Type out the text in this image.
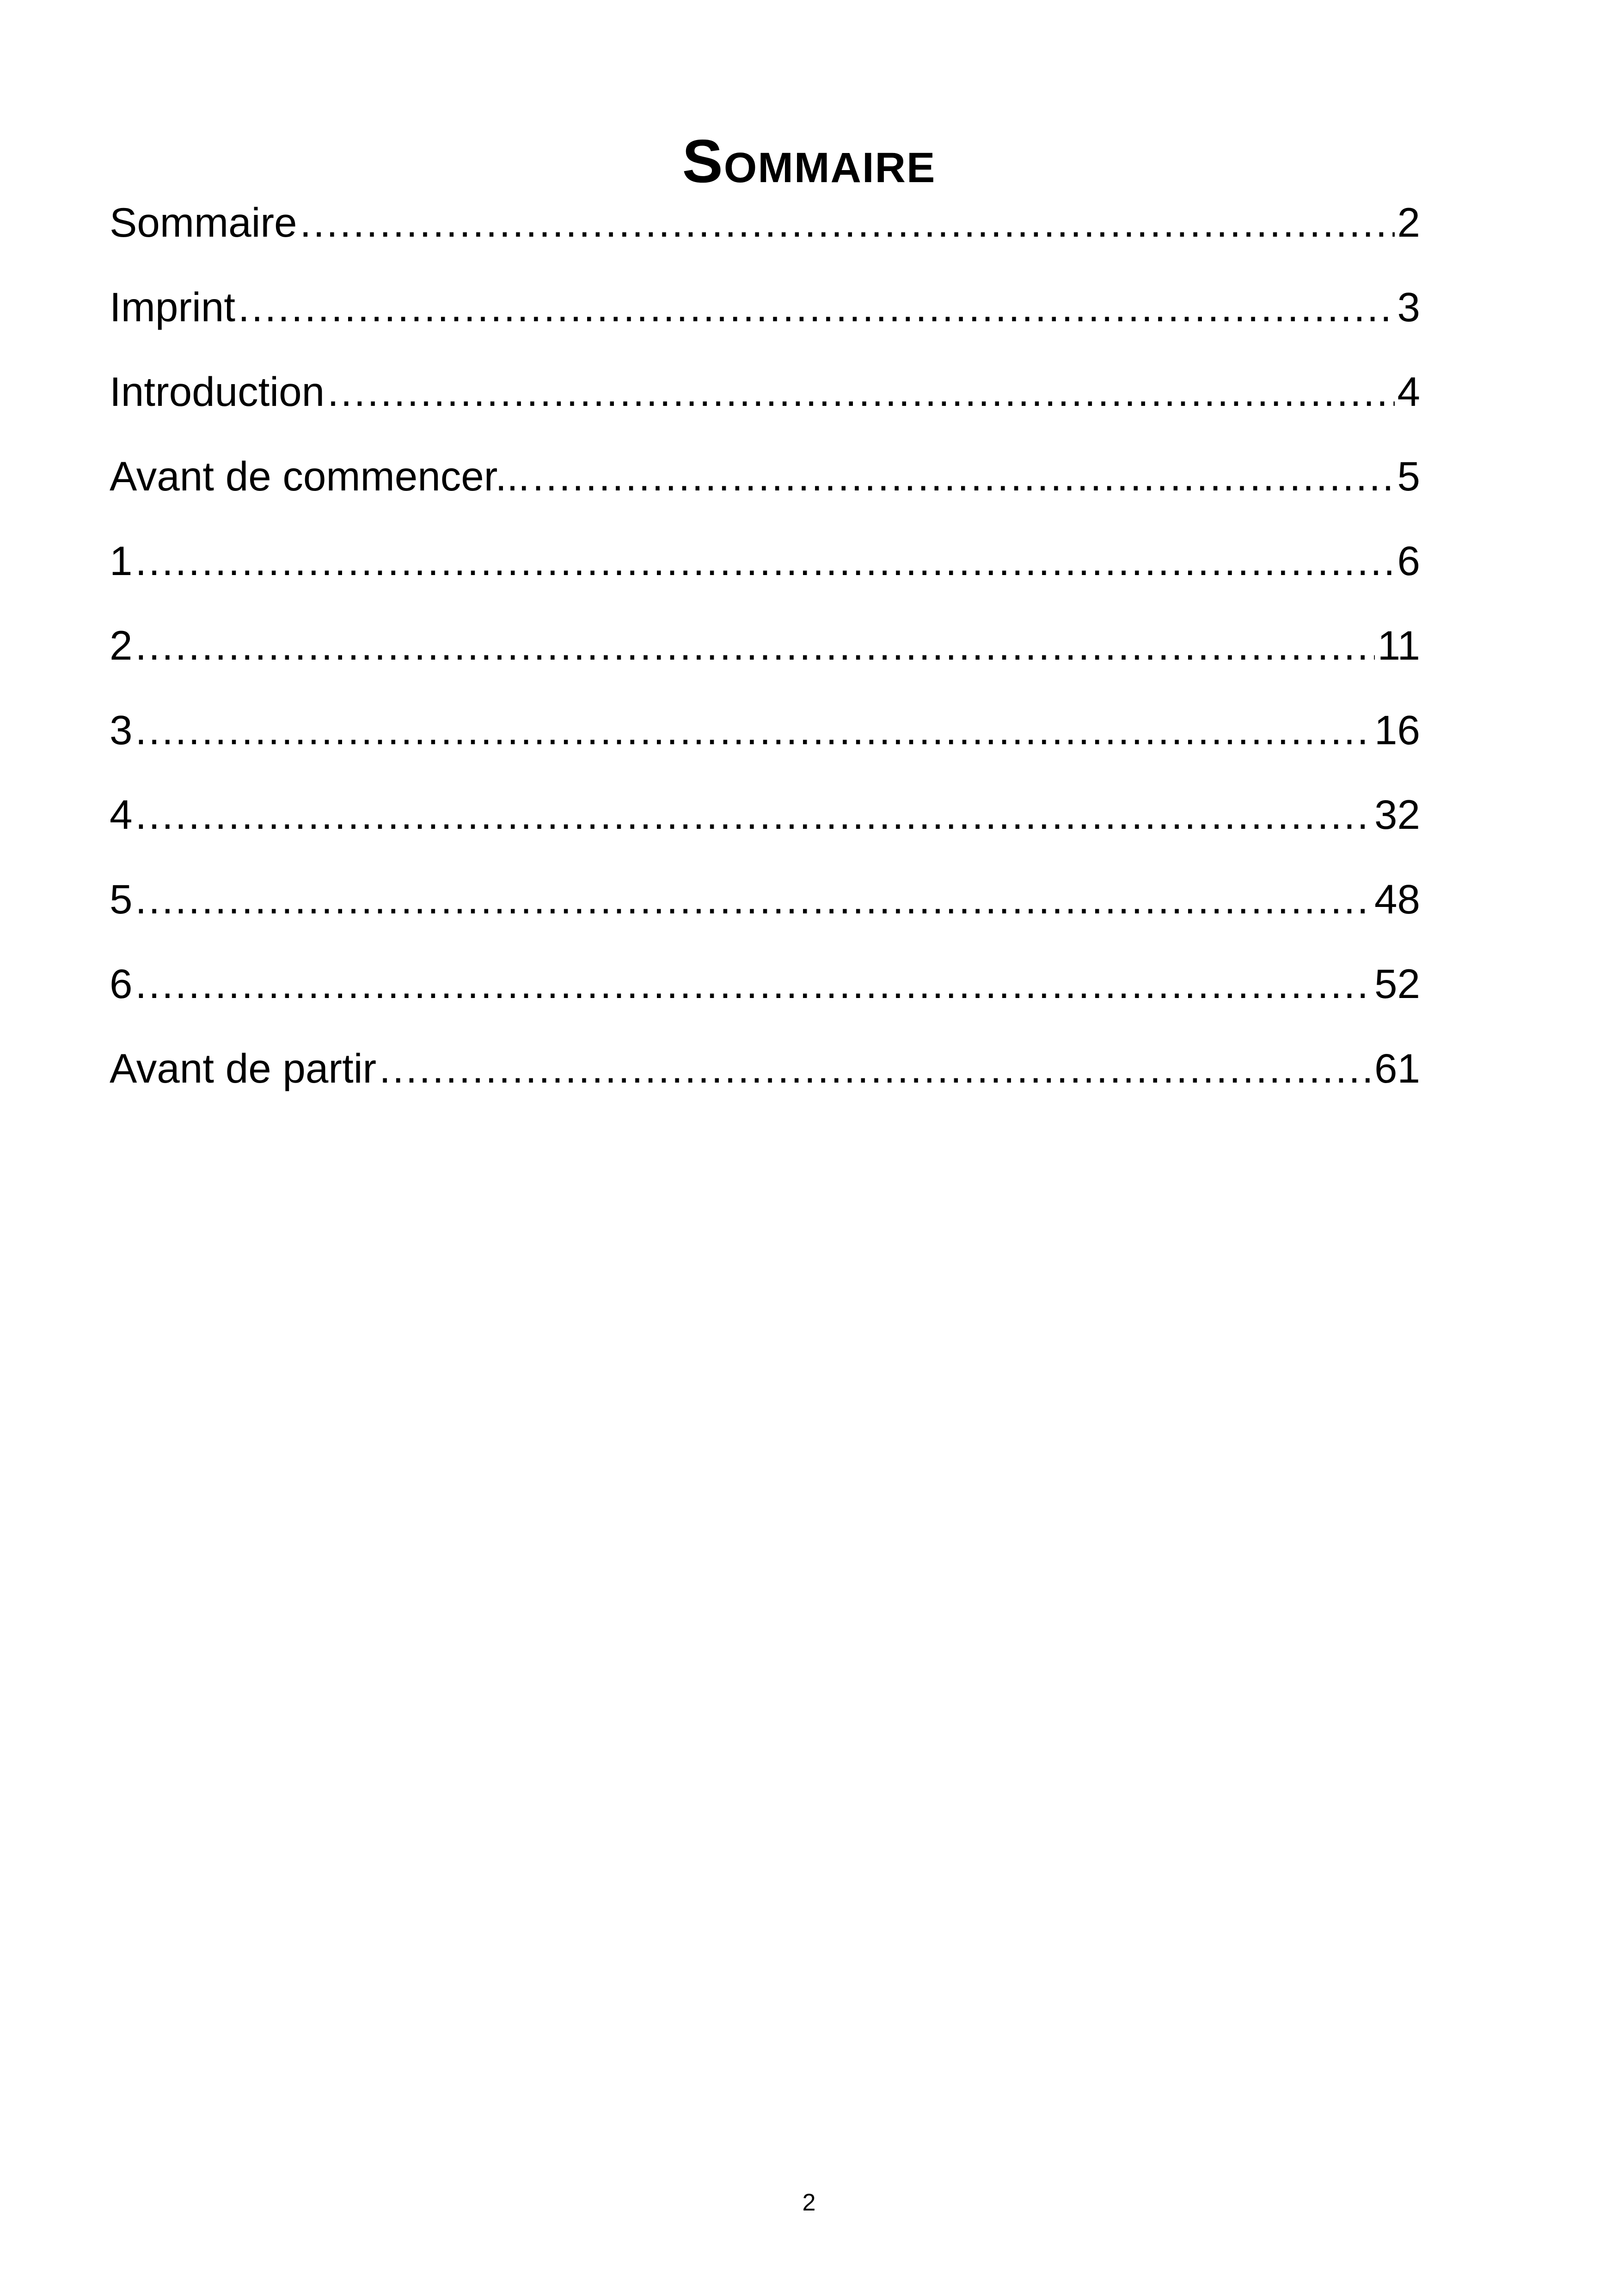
Sommaire
Sommaire .....	2
Imprint .....	3
Introduction .....	4
Avant de commencer... .....	5
1 .....	6
2 .....	11
3 .....	16
4 .....	32
5 .....	48
6 .....	52
Avant de partir .....	61
2
